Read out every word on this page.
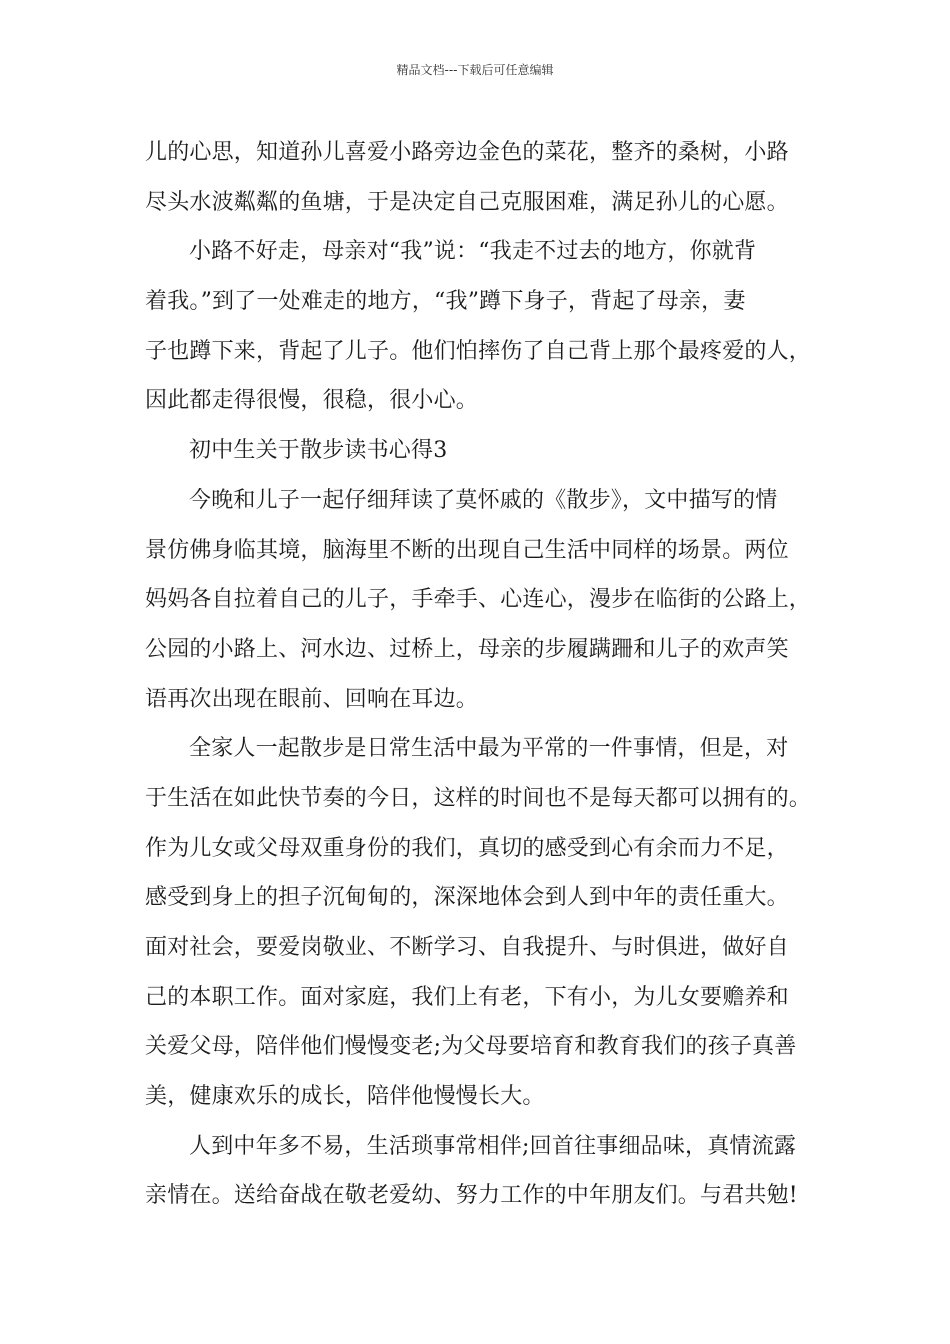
精品文档---下载后可任意编辑
儿的心思，知道孙儿喜爱小路旁边金色的菜花，整齐的桑树，小路
尽头水波粼粼的鱼塘，于是决定自己克服困难，满足孙儿的心愿。
小路不好走，母亲对“我”说：“我走不过去的地方，你就背
着我。”到了一处难走的地方，“我”蹲下身子，背起了母亲，妻
子也蹲下来，背起了儿子。他们怕摔伤了自己背上那个最疼爱的人，
因此都走得很慢，很稳，很小心。
初中生关于散步读书心得3
今晚和儿子一起仔细拜读了莫怀戚的《散步》，文中描写的情
景仿佛身临其境，脑海里不断的出现自己生活中同样的场景。两位
妈妈各自拉着自己的儿子，手牵手、心连心，漫步在临街的公路上，
公园的小路上、河水边、过桥上，母亲的步履蹒跚和儿子的欢声笑
语再次出现在眼前、回响在耳边。
全家人一起散步是日常生活中最为平常的一件事情，但是，对
于生活在如此快节奏的今日，这样的时间也不是每天都可以拥有的。
作为儿女或父母双重身份的我们，真切的感受到心有余而力不足，
感受到身上的担子沉甸甸的，深深地体会到人到中年的责任重大。
面对社会，要爱岗敬业、不断学习、自我提升、与时俱进，做好自
己的本职工作。面对家庭，我们上有老，下有小，为儿女要赡养和
关爱父母，陪伴他们慢慢变老;为父母要培育和教育我们的孩子真善
美，健康欢乐的成长，陪伴他慢慢长大。
人到中年多不易，生活琐事常相伴;回首往事细品味，真情流露
亲情在。送给奋战在敬老爱幼、努力工作的中年朋友们。与君共勉!
